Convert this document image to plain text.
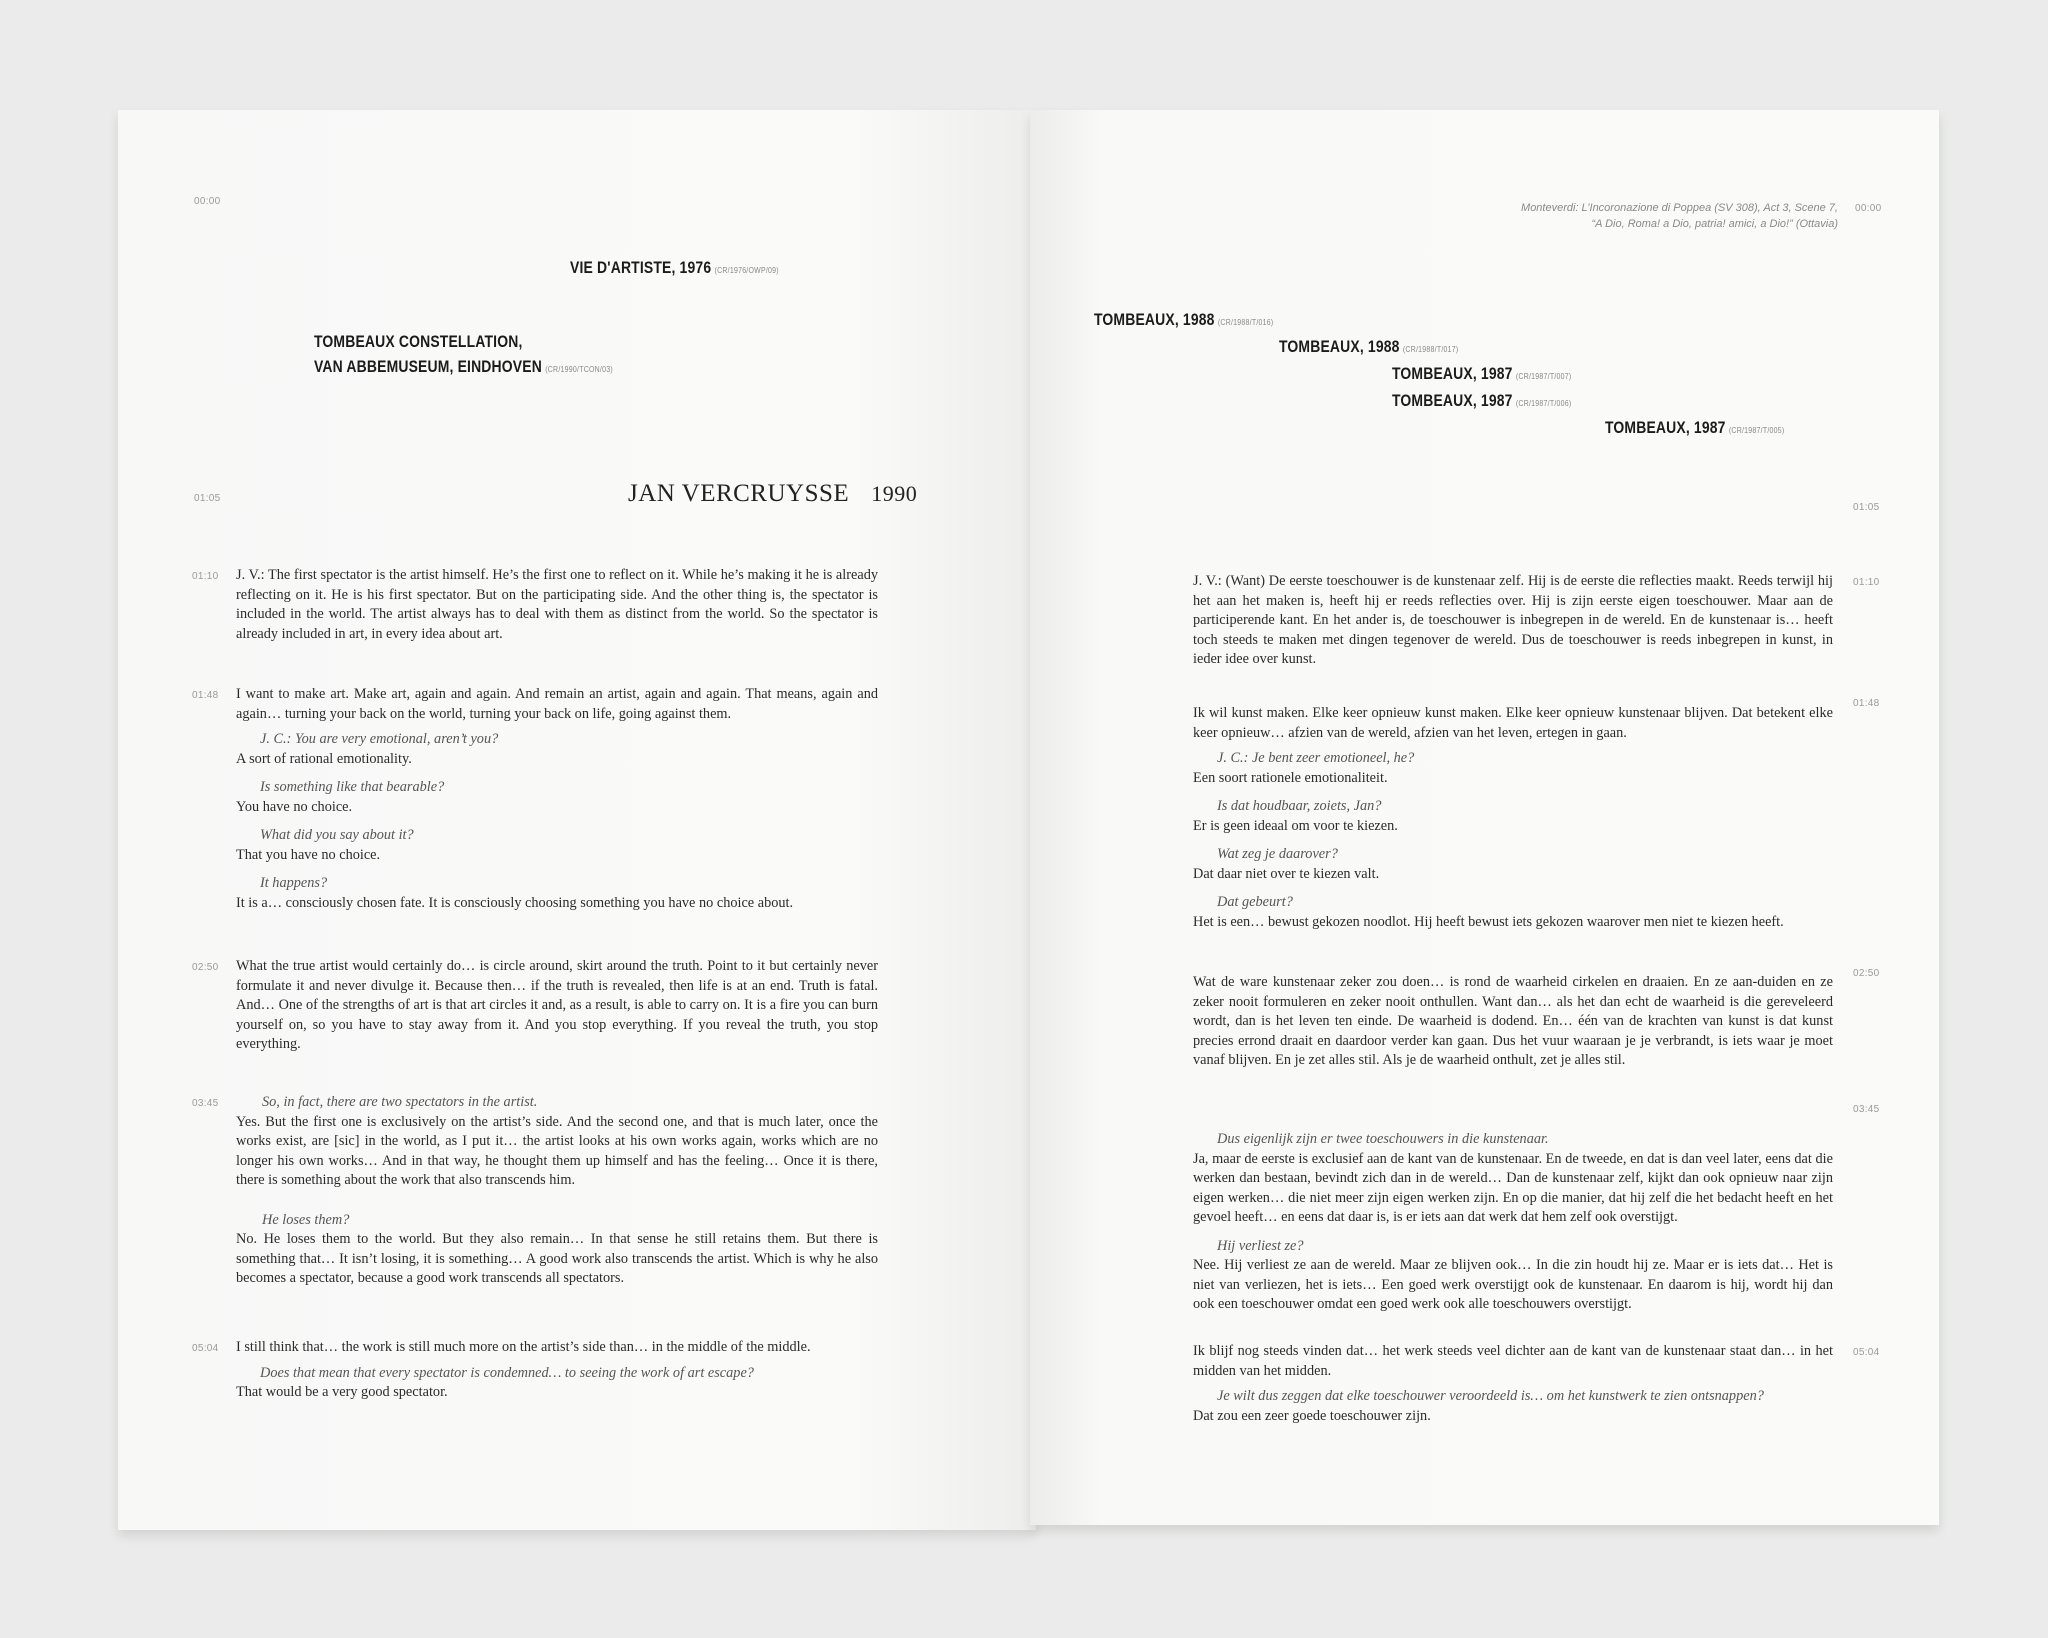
00:00
VIE D'ARTISTE, 1976 (CR/1976/OWP/09)
TOMBEAUX CONSTELLATION,
VAN ABBEMUSEUM, EINDHOVEN (CR/1990/TCON/03)
01:05	JAN VERCRUYSSE 1990
01:10 J. V.: The first spectator is the artist himself. He’s the first one to reflect on it. While he’s making it he is already reflecting on it. He is his first spectator. But on the participating side. And the other thing is, the spectator is included in the world. The artist always has to deal with them as distinct from the world. So the spectator is already included in art, in every idea about art.

01:48 I want to make art. Make art, again and again. And remain an artist, again and again. That means, again and again… turning your back on the world, turning your back on life, going against them.

J. C.: You are very emotional, aren’t you?

A sort of rational emotionality.

Is something like that bearable?

You have no choice.

What did you say about it?

That you have no choice.

It happens?

It is a… consciously chosen fate. It is consciously choosing something you have no choice about.

02:50 What the true artist would certainly do… is circle around, skirt around the truth. Point to it but certainly never formulate it and never divulge it. Because then… if the truth is revealed, then life is at an end. Truth is fatal. And… One of the strengths of art is that art circles it and, as a result, is able to carry on. It is a fire you can burn yourself on, so you have to stay away from it. And you stop everything. If you reveal the truth, you stop everything.

03:45	So, in fact, there are two spectators in the artist.

Yes. But the first one is exclusively on the artist’s side. And the second one, and that is much later, once the works exist, are [sic] in the world, as I put it… the artist looks at his own works again, works which are no longer his own works… And in that way, he thought them up himself and has the feeling… Once it is there, there is something about the work that also transcends him.

He loses them?

No. He loses them to the world. But they also remain… In that sense he still retains them. But there is something that… It isn’t losing, it is something… A good work also transcends the artist. Which is why he also becomes a spectator, because a good work transcends all spectators.

05:04 I still think that… the work is still much more on the artist’s side than… in the middle of the middle.

Does that mean that every spectator is condemned… to seeing the work of art escape?

That would be a very good spectator.

Monteverdi: L’Incoronazione di Poppea (SV 308), Act 3, Scene 7,
“A Dio, Roma! a Dio, patria! amici, a Dio!” (Ottavia)
00:00
TOMBEAUX, 1988 (CR/1988/T/016)
TOMBEAUX, 1988 (CR/1988/T/017)
TOMBEAUX, 1987 (CR/1987/T/007)
TOMBEAUX, 1987 (CR/1987/T/006)
TOMBEAUX, 1987 (CR/1987/T/005)
01:05

J. V.: (Want) De eerste toeschouwer is de kunstenaar zelf. Hij is de eerste die reflecties maakt. Reeds terwijl hij het aan het maken is, heeft hij er reeds reflecties over. Hij is zijn eerste eigen toeschouwer. Maar aan de participerende kant. En het ander is, de toeschouwer is inbegrepen in de wereld. En de kunstenaar is… heeft toch steeds te maken met dingen tegenover de wereld. Dus de toeschouwer is reeds inbegrepen in kunst, in ieder idee over kunst.

01:10

Ik wil kunst maken. Elke keer opnieuw kunst maken. Elke keer opnieuw kunstenaar blijven. Dat betekent elke keer opnieuw… afzien van de wereld, afzien van het leven, ertegen in gaan.

J. C.: Je bent zeer emotioneel, he?

Een soort rationele emotionaliteit.

Is dat houdbaar, zoiets, Jan?

Er is geen ideaal om voor te kiezen.

Wat zeg je daarover?

Dat daar niet over te kiezen valt.

Dat gebeurt?

Het is een… bewust gekozen noodlot. Hij heeft bewust iets gekozen waarover men niet te kiezen heeft.

01:48

Wat de ware kunstenaar zeker zou doen… is rond de waarheid cirkelen en draaien. En ze aan-duiden en ze zeker nooit formuleren en zeker nooit onthullen. Want dan… als het dan echt de waarheid is die gereveleerd wordt, dan is het leven ten einde. De waarheid is dodend. En… één van de krachten van kunst is dat kunst precies errond draait en daardoor verder kan gaan. Dus het vuur waaraan je je verbrandt, is iets waar je moet vanaf blijven. En je zet alles stil. Als je de waarheid onthult, zet je alles stil.

02:50

Dus eigenlijk zijn er twee toeschouwers in die kunstenaar.

Ja, maar de eerste is exclusief aan de kant van de kunstenaar. En de tweede, en dat is dan veel later, eens dat die werken dan bestaan, bevindt zich dan in de wereld… Dan de kunstenaar zelf, kijkt dan ook opnieuw naar zijn eigen werken… die niet meer zijn eigen werken zijn. En op die manier, dat hij zelf die het bedacht heeft en het gevoel heeft… en eens dat daar is, is er iets aan dat werk dat hem zelf ook overstijgt.

Hij verliest ze?

Nee. Hij verliest ze aan de wereld. Maar ze blijven ook… In die zin houdt hij ze. Maar er is iets dat… Het is niet van verliezen, het is iets… Een goed werk overstijgt ook de kunstenaar. En daarom is hij, wordt hij dan ook een toeschouwer omdat een goed werk ook alle toeschouwers overstijgt.

03:45

Ik blijf nog steeds vinden dat… het werk steeds veel dichter aan de kant van de kunstenaar staat dan… in het midden van het midden.

Je wilt dus zeggen dat elke toeschouwer veroordeeld is… om het kunstwerk te zien ontsnappen?

Dat zou een zeer goede toeschouwer zijn.

05:04
